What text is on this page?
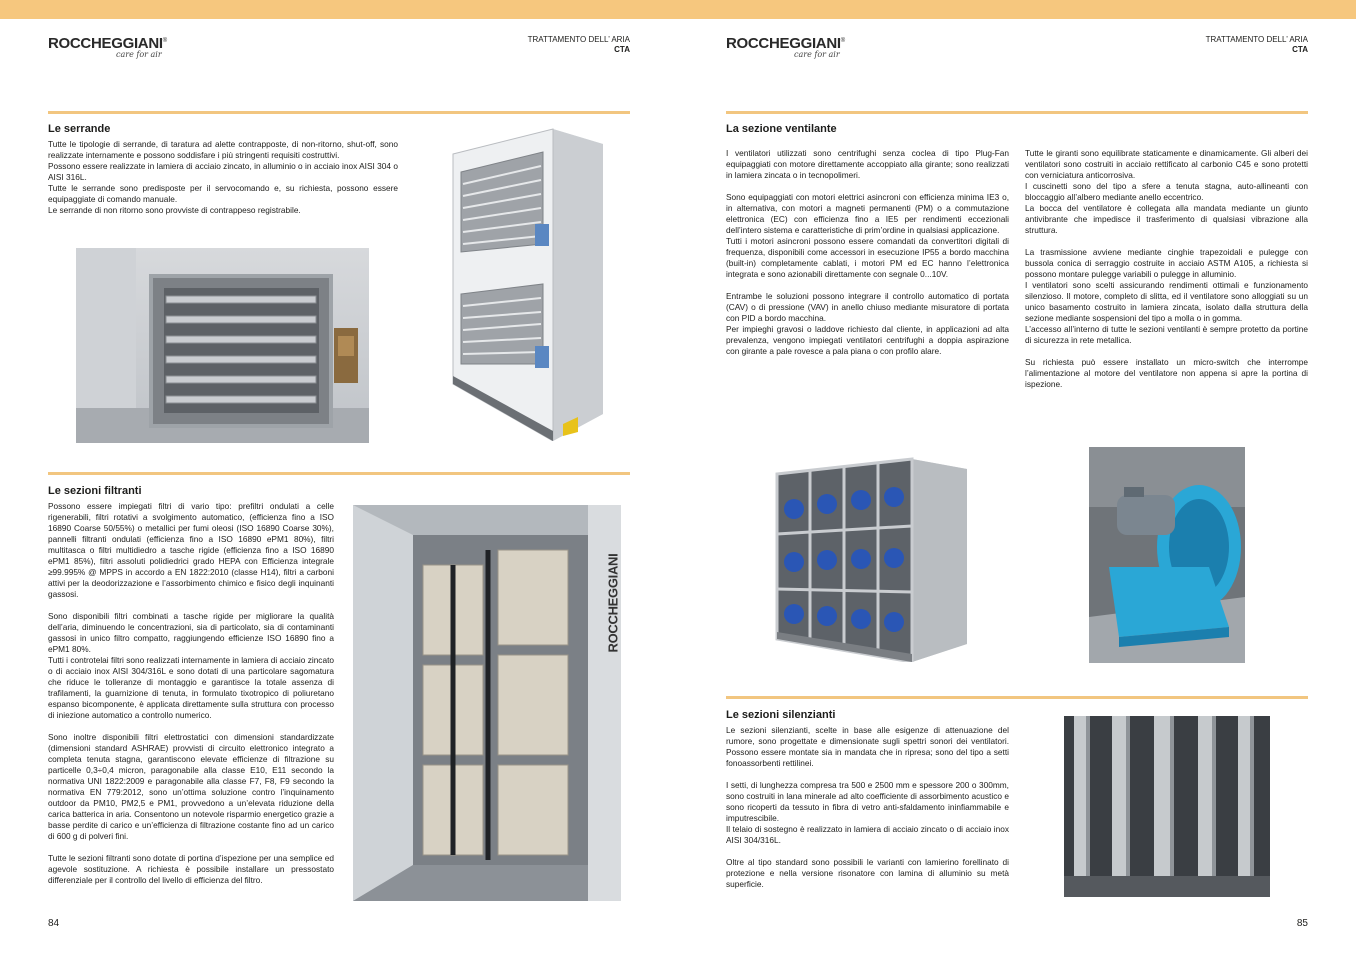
ROCCHEGGIANI®
care for air
TRATTAMENTO DELL’ ARIA
CTA
Le serrande
Tutte le tipologie di serrande, di taratura ad alette contrapposte, di non-ritorno, shut-off, sono realizzate internamente e possono soddisfare i più stringenti requisiti costruttivi.
Possono essere realizzate in lamiera di acciaio zincato, in alluminio o in acciaio inox AISI 304 o AISI 316L.
Tutte le serrande sono predisposte per il servocomando e, su richiesta, possono essere equipaggiate di comando manuale.
Le serrande di non ritorno sono provviste di contrappeso registrabile.
Le sezioni filtranti

Possono essere impiegati filtri di vario tipo: prefiltri ondulati a celle rigenerabili, filtri rotativi a svolgimento automatico, (efficienza fino a ISO 16890 Coarse 50/55%) o metallici per fumi oleosi (ISO 16890 Coarse 30%), pannelli filtranti ondulati (efficienza fino a ISO 16890 ePM1 80%), filtri multitasca o filtri multidiedro a tasche rigide (efficienza fino a ISO 16890 ePM1 85%), filtri assoluti polidiedrici grado HEPA con Efficienza integrale ≥99.995% @ MPPS in accordo a EN 1822:2010 (classe H14), filtri a carboni attivi per la deodorizzazione e l’assorbimento chimico e fisico degli inquinanti gassosi.

Sono disponibili filtri combinati a tasche rigide per migliorare la qualità dell’aria, diminuendo le concentrazioni, sia di particolato, sia di contaminanti gassosi in unico filtro compatto, raggiungendo efficienze ISO 16890 fino a ePM1 80%.

Tutti i controtelai filtri sono realizzati internamente in lamiera di acciaio zincato o di acciaio inox AISI 304/316L e sono dotati di una particolare sagomatura che riduce le tolleranze di montaggio e garantisce la totale assenza di trafilamenti, la guarnizione di tenuta, in formulato tixotropico di poliuretano espanso bicomponente, è applicata direttamente sulla struttura con processo di iniezione automatico a controllo numerico.

Sono inoltre disponibili filtri elettrostatici con dimensioni standardizzate (dimensioni standard ASHRAE) provvisti di circuito elettronico integrato a completa tenuta stagna, garantiscono elevate efficienze di filtrazione su particelle 0,3÷0,4 micron, paragonabile alla classe E10, E11 secondo la normativa UNI 1822:2009 e paragonabile alla classe F7, F8, F9 secondo la normativa EN 779:2012, sono un’ottima soluzione contro l’inquinamento outdoor da PM10, PM2,5 e PM1, provvedono a un’elevata riduzione della carica batterica in aria. Consentono un notevole risparmio energetico grazie a basse perdite di carico e un’efficienza di filtrazione costante fino ad un carico di 600 g di polveri fini.

Tutte le sezioni filtranti sono dotate di portina d’ispezione per una semplice ed agevole sostituzione. A richiesta è possibile installare un pressostato differenziale per il controllo del livello di efficienza del filtro.

ROCCHEGGIANI
84
ROCCHEGGIANI®
care for air
TRATTAMENTO DELL’ ARIA
CTA
La sezione ventilante

I ventilatori utilizzati sono centrifughi senza coclea di tipo Plug-Fan equipaggiati con motore direttamente accoppiato alla girante; sono realizzati in lamiera zincata o in tecnopolimeri.

Sono equipaggiati con motori elettrici asincroni con efficienza minima IE3 o, in alternativa, con motori a magneti permanenti (PM) o a commutazione elettronica (EC) con efficienza fino a IE5 per rendimenti eccezionali dell’intero sistema e caratteristiche di prim’ordine in qualsiasi applicazione.

Tutti i motori asincroni possono essere comandati da convertitori digitali di frequenza, disponibili come accessori in esecuzione IP55 a bordo macchina (built-in) completamente cablati, i motori PM ed EC hanno l’elettronica integrata e sono azionabili direttamente con segnale 0...10V.

Entrambe le soluzioni possono integrare il controllo automatico di portata (CAV) o di pressione (VAV) in anello chiuso mediante misuratore di portata con PID a bordo macchina.
Per impieghi gravosi o laddove richiesto dal cliente, in applicazioni ad alta prevalenza, vengono impiegati ventilatori centrifughi a doppia aspirazione con girante a pale rovesce a pala piana o con profilo alare.
Tutte le giranti sono equilibrate staticamente e dinamicamente. Gli alberi dei ventilatori sono costruiti in acciaio rettificato al carbonio C45 e sono protetti con verniciatura anticorrosiva.
I cuscinetti sono del tipo a sfere a tenuta stagna, auto-allineanti con bloccaggio all’albero mediante anello eccentrico.

La bocca del ventilatore è collegata alla mandata mediante un giunto antivibrante che impedisce il trasferimento di qualsiasi vibrazione alla struttura.

La trasmissione avviene mediante cinghie trapezoidali e pulegge con bussola conica di serraggio costruite in acciaio ASTM A105, a richiesta si possono montare pulegge variabili o pulegge in alluminio.
I ventilatori sono scelti assicurando rendimenti ottimali e funzionamento silenzioso. Il motore, completo di slitta, ed il ventilatore sono alloggiati su un unico basamento costruito in lamiera zincata, isolato dalla struttura della sezione mediante sospensioni del tipo a molla o in gomma.

L’accesso all’interno di tutte le sezioni ventilanti è sempre protetto da portine di sicurezza in rete metallica.

Su richiesta può essere installato un micro-switch che interrompe l’alimentazione al motore del ventilatore non appena si apre la portina di ispezione.

Le sezioni silenzianti

Le sezioni silenzianti, scelte in base alle esigenze di attenuazione del rumore, sono progettate e dimensionate sugli spettri sonori dei ventilatori. Possono essere montate sia in mandata che in ripresa; sono del tipo a setti fonoassorbenti rettilinei.

I setti, di lunghezza compresa tra 500 e 2500 mm e spessore 200 o 300mm, sono costruiti in lana minerale ad alto coefficiente di assorbimento acustico e sono ricoperti da tessuto in fibra di vetro anti-sfaldamento ininfiammabile e imputrescibile.

Il telaio di sostegno è realizzato in lamiera di acciaio zincato o di acciaio inox AISI 304/316L.

Oltre al tipo standard sono possibili le varianti con lamierino forellinato di protezione e nella versione risonatore con lamina di alluminio su metà superficie.

85
